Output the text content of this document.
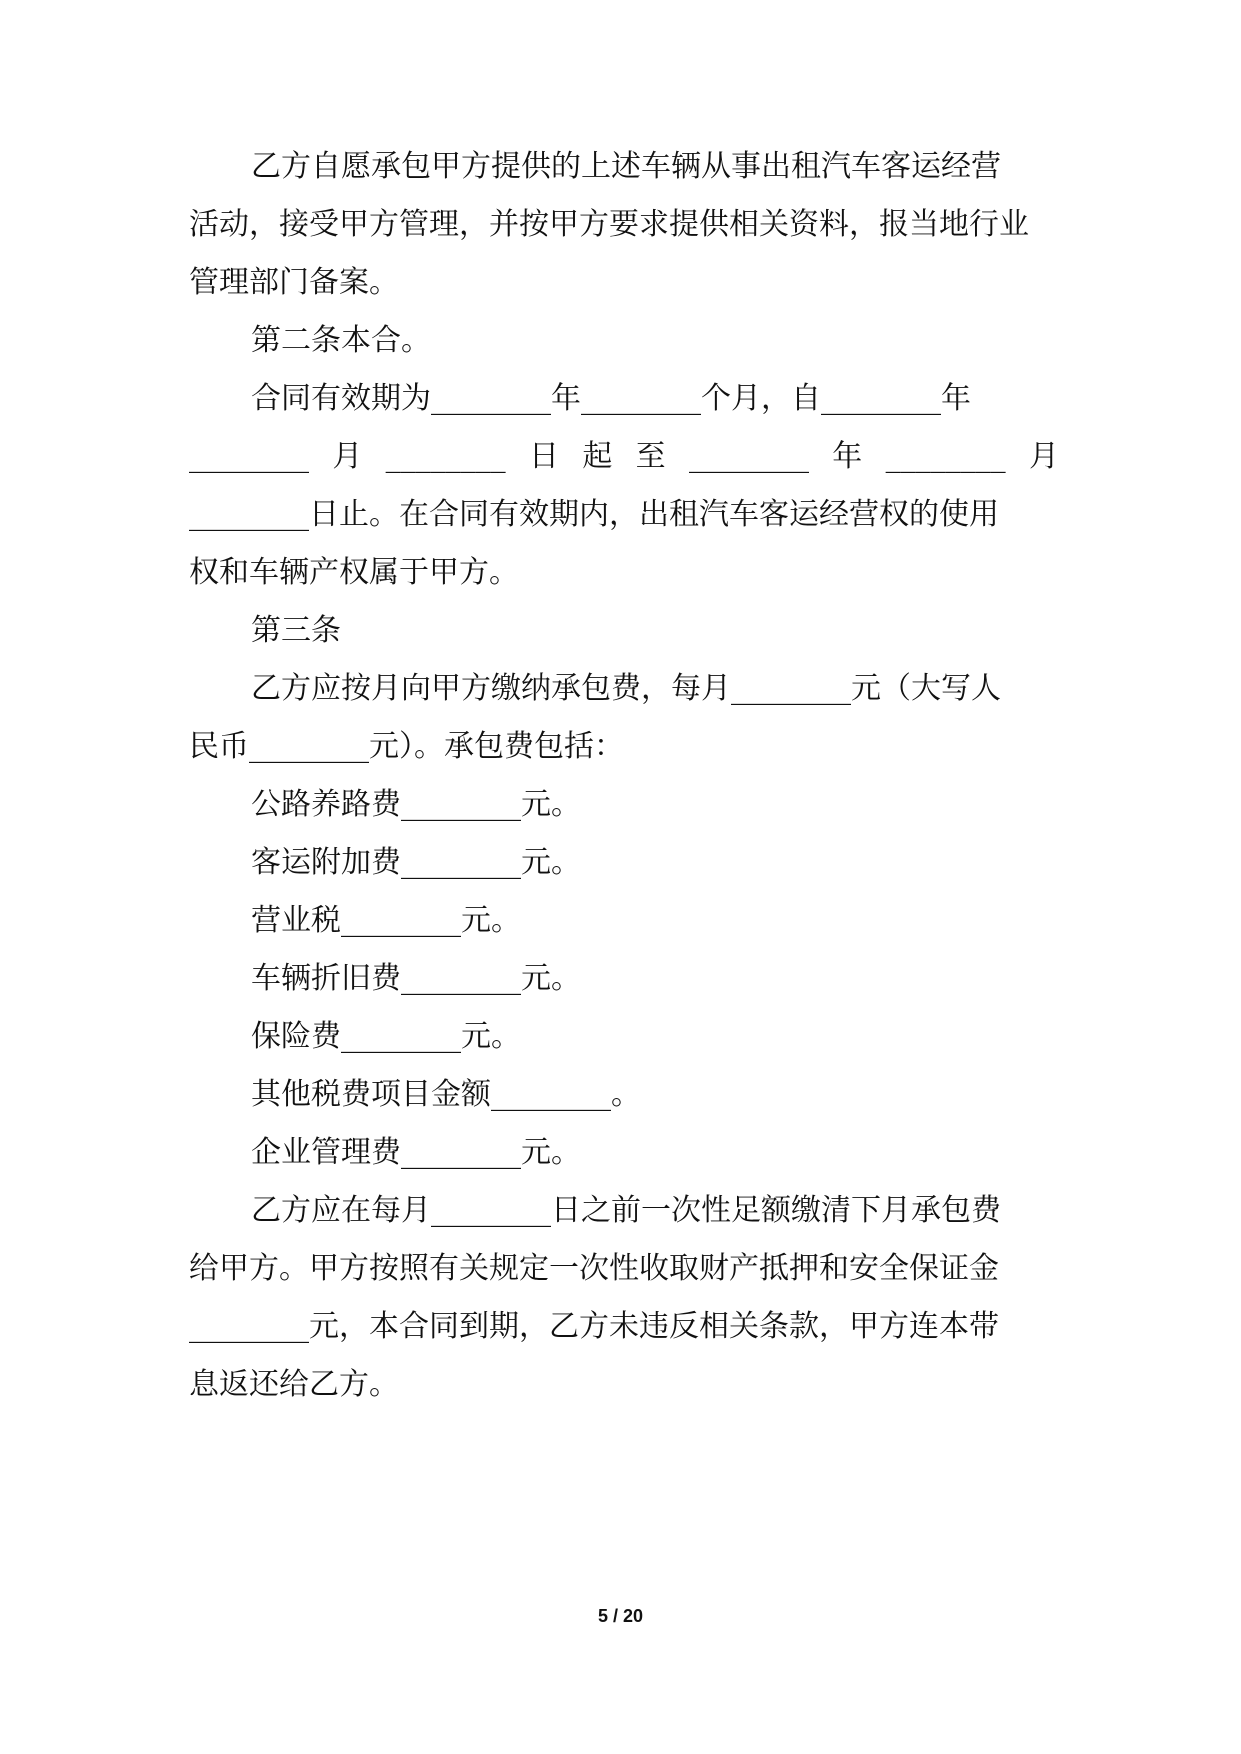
乙方自愿承包甲方提供的上述车辆从事出租汽车客运经营
活动，接受甲方管理，并按甲方要求提供相关资料，报当地行业
管理部门备案。
第二条本合。
合同有效期为________年________个月，自________年
________ 月 ________ 日 起 至 ________ 年 ________ 月
________日止。在合同有效期内，出租汽车客运经营权的使用
权和车辆产权属于甲方。
第三条
乙方应按月向甲方缴纳承包费，每月________元（大写人
民币________元）。承包费包括：
公路养路费________元。
客运附加费________元。
营业税________元。
车辆折旧费________元。
保险费________元。
其他税费项目金额________。
企业管理费________元。
乙方应在每月________日之前一次性足额缴清下月承包费
给甲方。甲方按照有关规定一次性收取财产抵押和安全保证金
________元，本合同到期，乙方未违反相关条款，甲方连本带
息返还给乙方。
5 / 20
